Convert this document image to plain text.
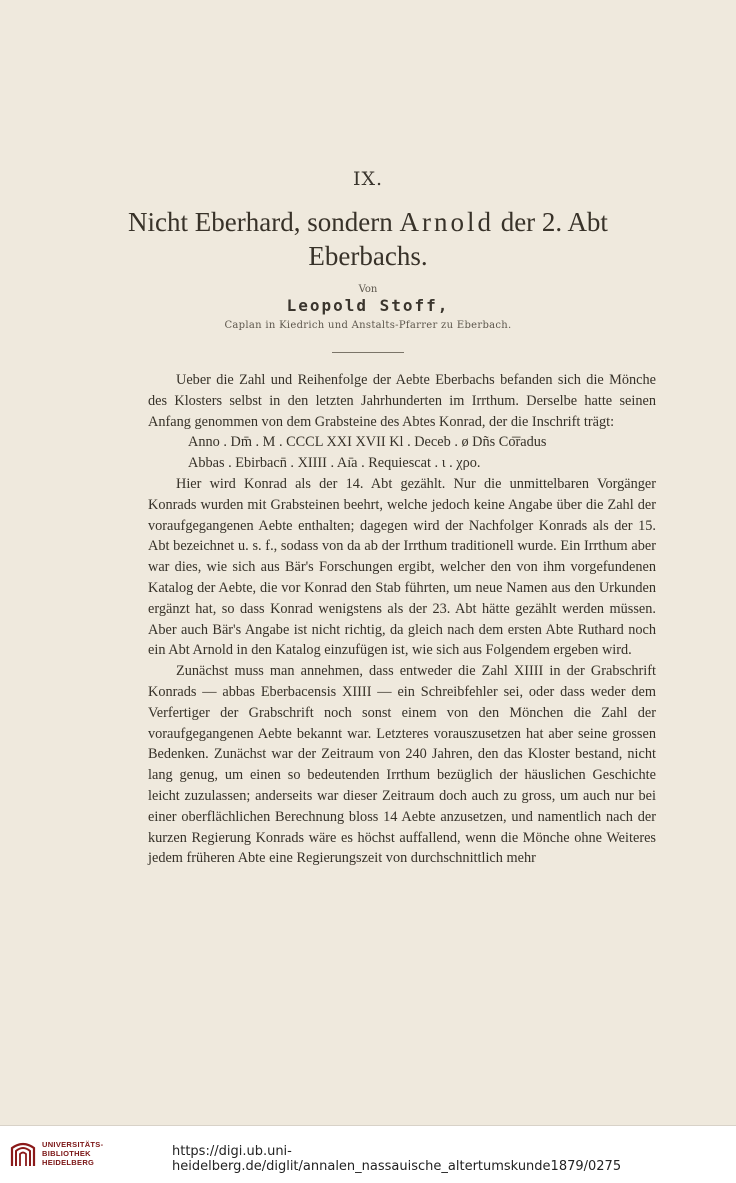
IX.
Nicht Eberhard, sondern Arnold der 2. Abt
Eberbachs.
Von
Leopold Stoff,
Caplan in Kiedrich und Anstalts-Pfarrer zu Eberbach.

Ueber die Zahl und Reihenfolge der Aebte Eberbachs befanden sich die Mönche des Klosters selbst in den letzten Jahrhunderten im Irrthum. Derselbe hatte seinen Anfang genommen von dem Grabsteine des Abtes Konrad, der die Inschrift trägt:

Anno . Dm̄ . M . CCCL XXI XVII Kl . Deceb . ø Dñs Co͞radus

Abbas . Ebirbacn̄ . XIIII . Aı̄a . Requiescat . ι . χρο.

Hier wird Konrad als der 14. Abt gezählt. Nur die unmittelbaren Vorgänger Konrads wurden mit Grabsteinen beehrt, welche jedoch keine Angabe über die Zahl der voraufgegangenen Aebte enthalten; dagegen wird der Nachfolger Konrads als der 15. Abt bezeichnet u. s. f., sodass von da ab der Irrthum traditionell wurde. Ein Irrthum aber war dies, wie sich aus Bär's Forschungen ergibt, welcher den von ihm vorgefundenen Katalog der Aebte, die vor Konrad den Stab führten, um neue Namen aus den Urkunden ergänzt hat, so dass Konrad wenigstens als der 23. Abt hätte gezählt werden müssen. Aber auch Bär's Angabe ist nicht richtig, da gleich nach dem ersten Abte Ruthard noch ein Abt Arnold in den Katalog einzufügen ist, wie sich aus Folgendem ergeben wird.

Zunächst muss man annehmen, dass entweder die Zahl XIIII in der Grabschrift Konrads — abbas Eberbacensis XIIII — ein Schreibfehler sei, oder dass weder dem Verfertiger der Grabschrift noch sonst einem von den Mönchen die Zahl der voraufgegangenen Aebte bekannt war. Letzteres vorauszusetzen hat aber seine grossen Bedenken. Zunächst war der Zeitraum von 240 Jahren, den das Kloster bestand, nicht lang genug, um einen so bedeutenden Irrthum bezüglich der häuslichen Geschichte leicht zuzulassen; anderseits war dieser Zeitraum doch auch zu gross, um auch nur bei einer oberflächlichen Berechnung bloss 14 Aebte anzusetzen, und namentlich nach der kurzen Regierung Konrads wäre es höchst auffallend, wenn die Mönche ohne Weiteres jedem früheren Abte eine Regierungszeit von durchschnittlich mehr

UNIVERSITÄTS-
BIBLIOTHEK
HEIDELBERG
https://digi.ub.uni-heidelberg.de/diglit/annalen_nassauische_altertumskunde1879/0275
